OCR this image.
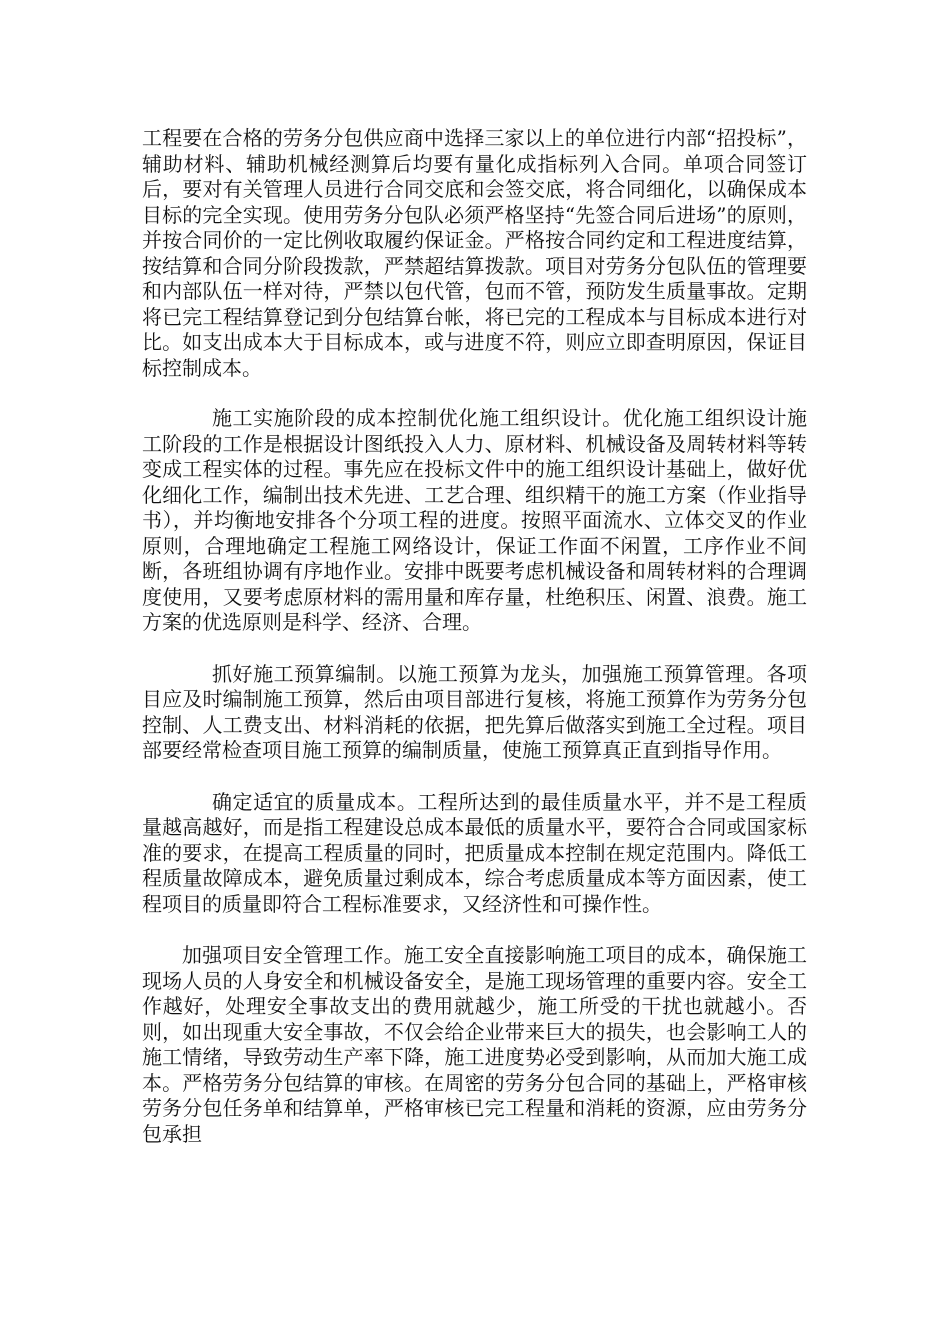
工程要在合格的劳务分包供应商中选择三家以上的单位进行内部“招投标”，辅助材料、辅助机械经测算后均要有量化成指标列入合同。单项合同签订后，要对有关管理人员进行合同交底和会签交底，将合同细化，以确保成本目标的完全实现。使用劳务分包队必须严格坚持“先签合同后进场”的原则，并按合同价的一定比例收取履约保证金。严格按合同约定和工程进度结算，按结算和合同分阶段拨款，严禁超结算拨款。项目对劳务分包队伍的管理要和内部队伍一样对待，严禁以包代管，包而不管，预防发生质量事故。定期将已完工程结算登记到分包结算台帐，将已完的工程成本与目标成本进行对比。如支出成本大于目标成本，或与进度不符，则应立即查明原因，保证目标控制成本。

施工实施阶段的成本控制优化施工组织设计。优化施工组织设计施工阶段的工作是根据设计图纸投入人力、原材料、机械设备及周转材料等转变成工程实体的过程。事先应在投标文件中的施工组织设计基础上，做好优化细化工作，编制出技术先进、工艺合理、组织精干的施工方案（作业指导书），并均衡地安排各个分项工程的进度。按照平面流水、立体交叉的作业原则，合理地确定工程施工网络设计，保证工作面不闲置，工序作业不间断，各班组协调有序地作业。安排中既要考虑机械设备和周转材料的合理调度使用，又要考虑原材料的需用量和库存量，杜绝积压、闲置、浪费。施工方案的优选原则是科学、经济、合理。

抓好施工预算编制。以施工预算为龙头，加强施工预算管理。各项目应及时编制施工预算，然后由项目部进行复核，将施工预算作为劳务分包控制、人工费支出、材料消耗的依据，把先算后做落实到施工全过程。项目部要经常检查项目施工预算的编制质量，使施工预算真正直到指导作用。

确定适宜的质量成本。工程所达到的最佳质量水平，并不是工程质量越高越好，而是指工程建设总成本最低的质量水平，要符合合同或国家标准的要求，在提高工程质量的同时，把质量成本控制在规定范围内。降低工程质量故障成本，避免质量过剩成本，综合考虑质量成本等方面因素，使工程项目的质量即符合工程标准要求，又经济性和可操作性。

加强项目安全管理工作。施工安全直接影响施工项目的成本，确保施工现场人员的人身安全和机械设备安全，是施工现场管理的重要内容。安全工作越好，处理安全事故支出的费用就越少，施工所受的干扰也就越小。否则，如出现重大安全事故，不仅会给企业带来巨大的损失，也会影响工人的施工情绪，导致劳动生产率下降，施工进度势必受到影响，从而加大施工成本。严格劳务分包结算的审核。在周密的劳务分包合同的基础上，严格审核劳务分包任务单和结算单，严格审核已完工程量和消耗的资源，应由劳务分包承担
